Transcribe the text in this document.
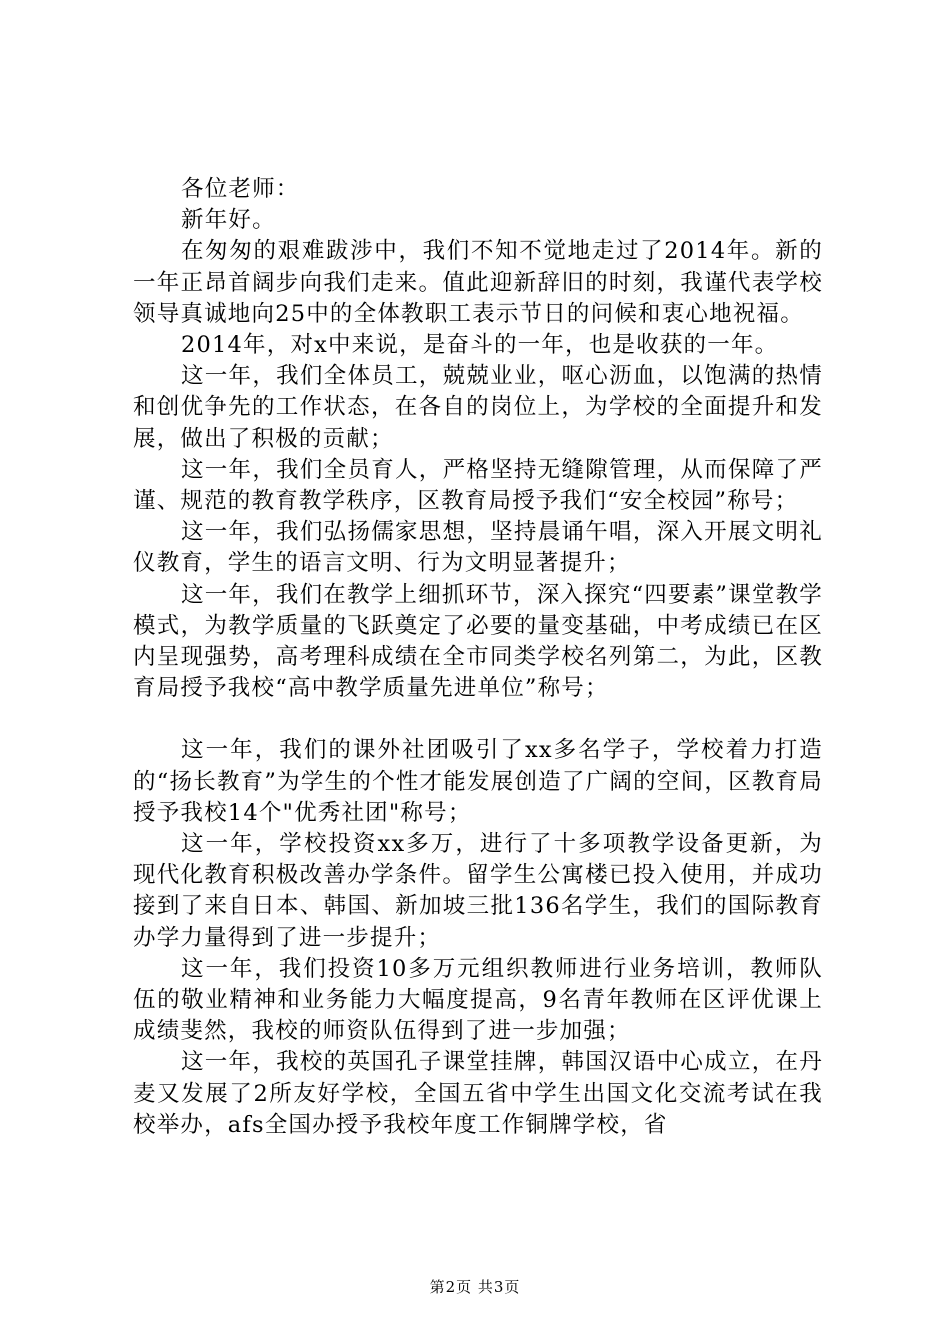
各位老师：

新年好。

在匆匆的艰难跋涉中，我们不知不觉地走过了2014年。新的一年正昂首阔步向我们走来。值此迎新辞旧的时刻，我谨代表学校领导真诚地向25中的全体教职工表示节日的问候和衷心地祝福。

2014年，对x中来说，是奋斗的一年，也是收获的一年。

这一年，我们全体员工，兢兢业业，呕心沥血，以饱满的热情和创优争先的工作状态，在各自的岗位上，为学校的全面提升和发展，做出了积极的贡献；

这一年，我们全员育人，严格坚持无缝隙管理，从而保障了严谨、规范的教育教学秩序，区教育局授予我们“安全校园”称号；

这一年，我们弘扬儒家思想，坚持晨诵午唱，深入开展文明礼仪教育，学生的语言文明、行为文明显著提升；

这一年，我们在教学上细抓环节，深入探究“四要素”课堂教学模式，为教学质量的飞跃奠定了必要的量变基础，中考成绩已在区内呈现强势，高考理科成绩在全市同类学校名列第二，为此，区教育局授予我校“高中教学质量先进单位”称号；

这一年，我们的课外社团吸引了xx多名学子，学校着力打造的“扬长教育”为学生的个性才能发展创造了广阔的空间，区教育局授予我校14个"优秀社团"称号；

这一年，学校投资xx多万，进行了十多项教学设备更新，为现代化教育积极改善办学条件。留学生公寓楼已投入使用，并成功接到了来自日本、韩国、新加坡三批136名学生，我们的国际教育办学力量得到了进一步提升；

这一年，我们投资10多万元组织教师进行业务培训，教师队伍的敬业精神和业务能力大幅度提高，9名青年教师在区评优课上成绩斐然，我校的师资队伍得到了进一步加强；

这一年，我校的英国孔子课堂挂牌，韩国汉语中心成立，在丹麦又发展了2所友好学校，全国五省中学生出国文化交流考试在我校举办，afs全国办授予我校年度工作铜牌学校，省

第2页 共3页
